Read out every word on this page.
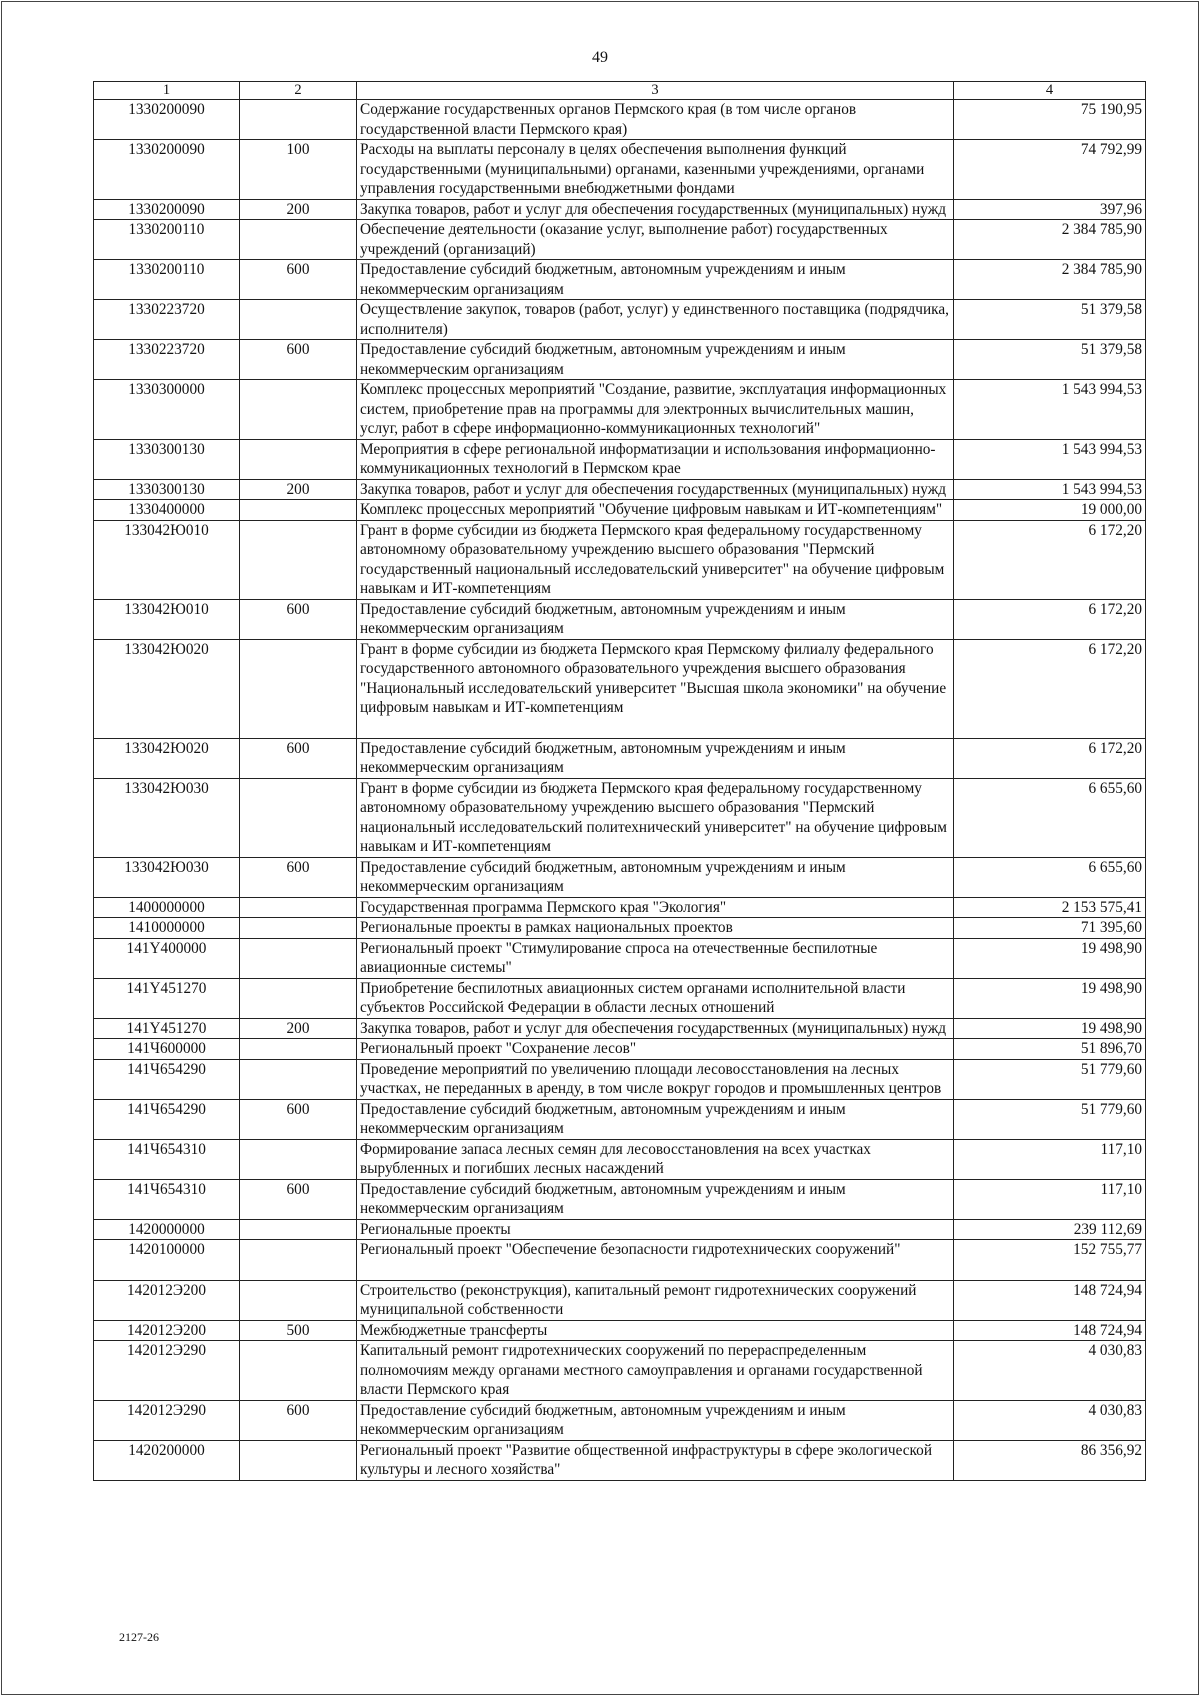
49
1	2	3	4
1330200090		Содержание государственных органов Пермского края (в том числе органов государственной власти Пермского края)	75 190,95
1330200090	100	Расходы на выплаты персоналу в целях обеспечения выполнения функций государственными (муниципальными) органами, казенными учреждениями, органами управления государственными внебюджетными фондами	74 792,99
1330200090	200	Закупка товаров, работ и услуг для обеспечения государственных (муниципальных) нужд	397,96
1330200110		Обеспечение деятельности (оказание услуг, выполнение работ) государственных учреждений (организаций)	2 384 785,90
1330200110	600	Предоставление субсидий бюджетным, автономным учреждениям и иным некоммерческим организациям	2 384 785,90
1330223720		Осуществление закупок, товаров (работ, услуг) у единственного поставщика (подрядчика, исполнителя)	51 379,58
1330223720	600	Предоставление субсидий бюджетным, автономным учреждениям и иным некоммерческим организациям	51 379,58
1330300000		Комплекс процессных мероприятий "Создание, развитие, эксплуатация информационных систем, приобретение прав на программы для электронных вычислительных машин, услуг, работ в сфере информационно-коммуникационных технологий"	1 543 994,53
1330300130		Мероприятия в сфере региональной информатизации и использования информационно-коммуникационных технологий в Пермском крае	1 543 994,53
1330300130	200	Закупка товаров, работ и услуг для обеспечения государственных (муниципальных) нужд	1 543 994,53
1330400000		Комплекс процессных мероприятий "Обучение цифровым навыкам и ИТ-компетенциям"	19 000,00
133042Ю010		Грант в форме субсидии из бюджета Пермского края федеральному государственному автономному образовательному учреждению высшего образования "Пермский государственный национальный исследовательский университет" на обучение цифровым навыкам и ИТ-компетенциям	6 172,20
133042Ю010	600	Предоставление субсидий бюджетным, автономным учреждениям и иным некоммерческим организациям	6 172,20
133042Ю020		Грант в форме субсидии из бюджета Пермского края Пермскому филиалу федерального государственного автономного образовательного учреждения высшего образования "Национальный исследовательский университет "Высшая школа экономики" на обучение цифровым навыкам и ИТ-компетенциям	6 172,20
133042Ю020	600	Предоставление субсидий бюджетным, автономным учреждениям и иным некоммерческим организациям	6 172,20
133042Ю030		Грант в форме субсидии из бюджета Пермского края федеральному государственному автономному образовательному учреждению высшего образования "Пермский национальный исследовательский политехнический университет" на обучение цифровым навыкам и ИТ-компетенциям	6 655,60
133042Ю030	600	Предоставление субсидий бюджетным, автономным учреждениям и иным некоммерческим организациям	6 655,60
1400000000		Государственная программа Пермского края "Экология"	2 153 575,41
1410000000		Региональные проекты в рамках национальных проектов	71 395,60
141Y400000		Региональный проект "Стимулирование спроса на отечественные беспилотные авиационные системы"	19 498,90
141Y451270		Приобретение беспилотных авиационных систем органами исполнительной власти субъектов Российской Федерации в области лесных отношений	19 498,90
141Y451270	200	Закупка товаров, работ и услуг для обеспечения государственных (муниципальных) нужд	19 498,90
141Ч600000		Региональный проект "Сохранение лесов"	51 896,70
141Ч654290		Проведение мероприятий по увеличению площади лесовосстановления на лесных участках, не переданных в аренду, в том числе вокруг городов и промышленных центров	51 779,60
141Ч654290	600	Предоставление субсидий бюджетным, автономным учреждениям и иным некоммерческим организациям	51 779,60
141Ч654310		Формирование запаса лесных семян для лесовосстановления на всех участках вырубленных и погибших лесных насаждений	117,10
141Ч654310	600	Предоставление субсидий бюджетным, автономным учреждениям и иным некоммерческим организациям	117,10
1420000000		Региональные проекты	239 112,69
1420100000		Региональный проект "Обеспечение безопасности гидротехнических сооружений"	152 755,77
142012Э200		Строительство (реконструкция), капитальный ремонт гидротехнических сооружений муниципальной собственности	148 724,94
142012Э200	500	Межбюджетные трансферты	148 724,94
142012Э290		Капитальный ремонт гидротехнических сооружений по перераспределенным полномочиям между органами местного самоуправления и органами государственной власти Пермского края	4 030,83
142012Э290	600	Предоставление субсидий бюджетным, автономным учреждениям и иным некоммерческим организациям	4 030,83
1420200000		Региональный проект "Развитие общественной инфраструктуры в сфере экологической культуры и лесного хозяйства"	86 356,92
2127-26
